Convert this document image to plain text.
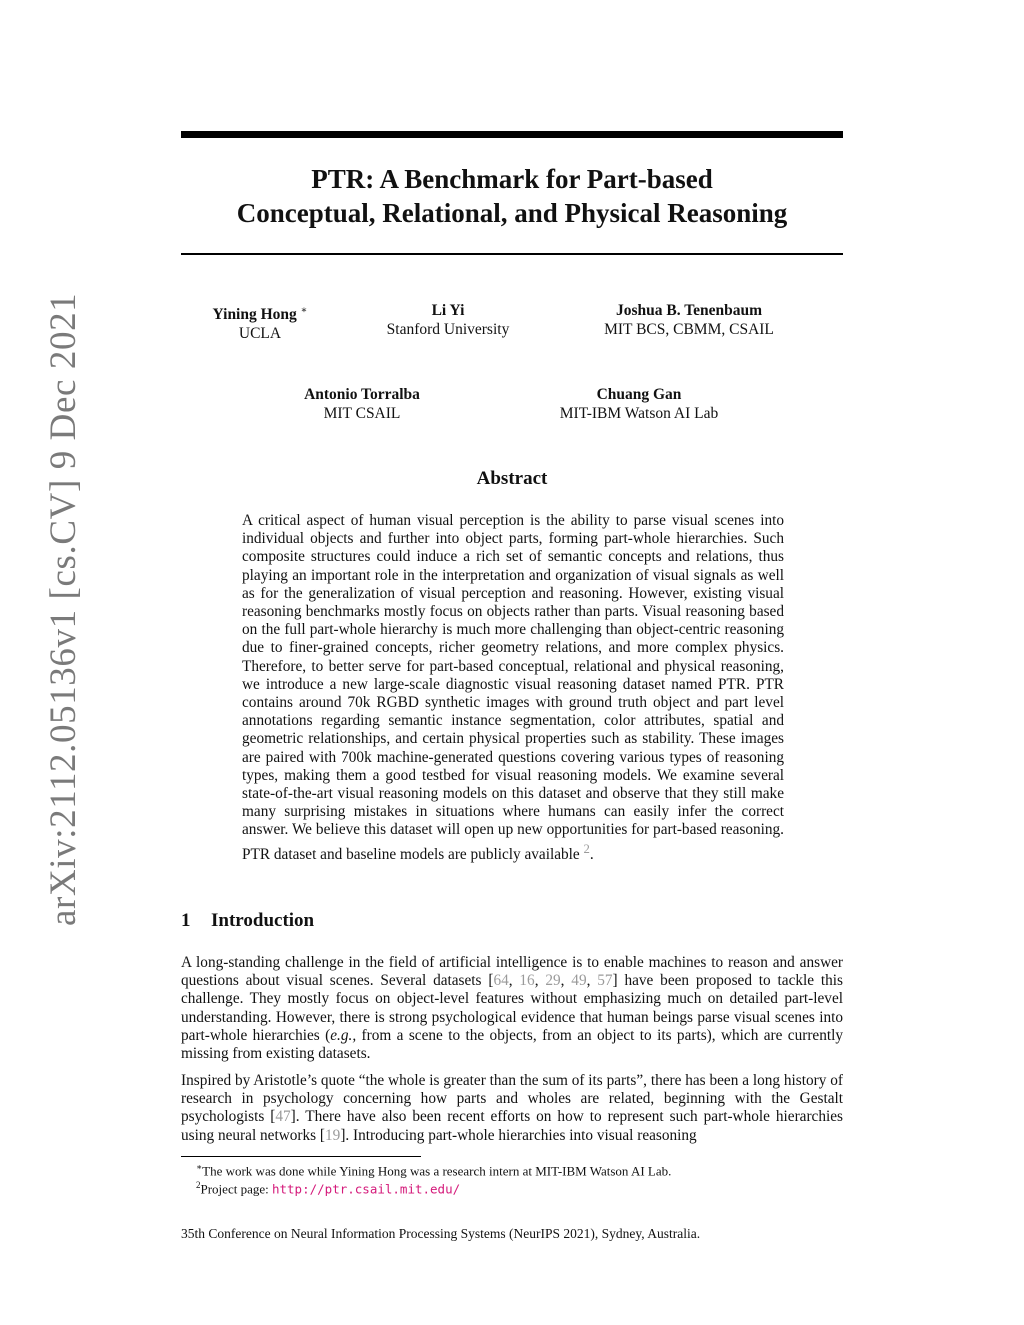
arXiv:2112.05136v1 [cs.CV] 9 Dec 2021
PTR: A Benchmark for Part-based
Conceptual, Relational, and Physical Reasoning
Yining Hong ∗
UCLA
Li Yi
Stanford University
Joshua B. Tenenbaum
MIT BCS, CBMM, CSAIL
Antonio Torralba
MIT CSAIL
Chuang Gan
MIT-IBM Watson AI Lab
Abstract
A critical aspect of human visual perception is the ability to parse visual scenes into individual objects and further into object parts, forming part-whole hierarchies. Such composite structures could induce a rich set of semantic concepts and relations, thus playing an important role in the interpretation and organization of visual signals as well as for the generalization of visual perception and reasoning. However, existing visual reasoning benchmarks mostly focus on objects rather than parts. Visual reasoning based on the full part-whole hierarchy is much more challenging than object-centric reasoning due to finer-grained concepts, richer geometry relations, and more complex physics. Therefore, to better serve for part-based conceptual, relational and physical reasoning, we introduce a new large-scale diagnostic visual reasoning dataset named PTR. PTR contains around 70k RGBD synthetic images with ground truth object and part level annotations regarding semantic instance segmentation, color attributes, spatial and geometric relationships, and certain physical properties such as stability. These images are paired with 700k machine-generated questions covering various types of reasoning types, making them a good testbed for visual reasoning models. We examine several state-of-the-art visual reasoning models on this dataset and observe that they still make many surprising mistakes in situations where humans can easily infer the correct answer. We believe this dataset will open up new opportunities for part-based reasoning. PTR dataset and baseline models are publicly available $^2$.
1 Introduction
A long-standing challenge in the field of artificial intelligence is to enable machines to reason and answer questions about visual scenes. Several datasets [64, 16, 29, 49, 57] have been proposed to tackle this challenge. They mostly focus on object-level features without emphasizing much on detailed part-level understanding. However, there is strong psychological evidence that human beings parse visual scenes into part-whole hierarchies (e.g., from a scene to the objects, from an object to its parts), which are currently missing from existing datasets.
Inspired by Aristotle’s quote “the whole is greater than the sum of its parts”, there has been a long history of research in psychology concerning how parts and wholes are related, beginning with the Gestalt psychologists [47]. There have also been recent efforts on how to represent such part-whole hierarchies using neural networks [19]. Introducing part-whole hierarchies into visual reasoning
∗The work was done while Yining Hong was a research intern at MIT-IBM Watson AI Lab.
$^2$Project page: http://ptr.csail.mit.edu/
35th Conference on Neural Information Processing Systems (NeurIPS 2021), Sydney, Australia.
